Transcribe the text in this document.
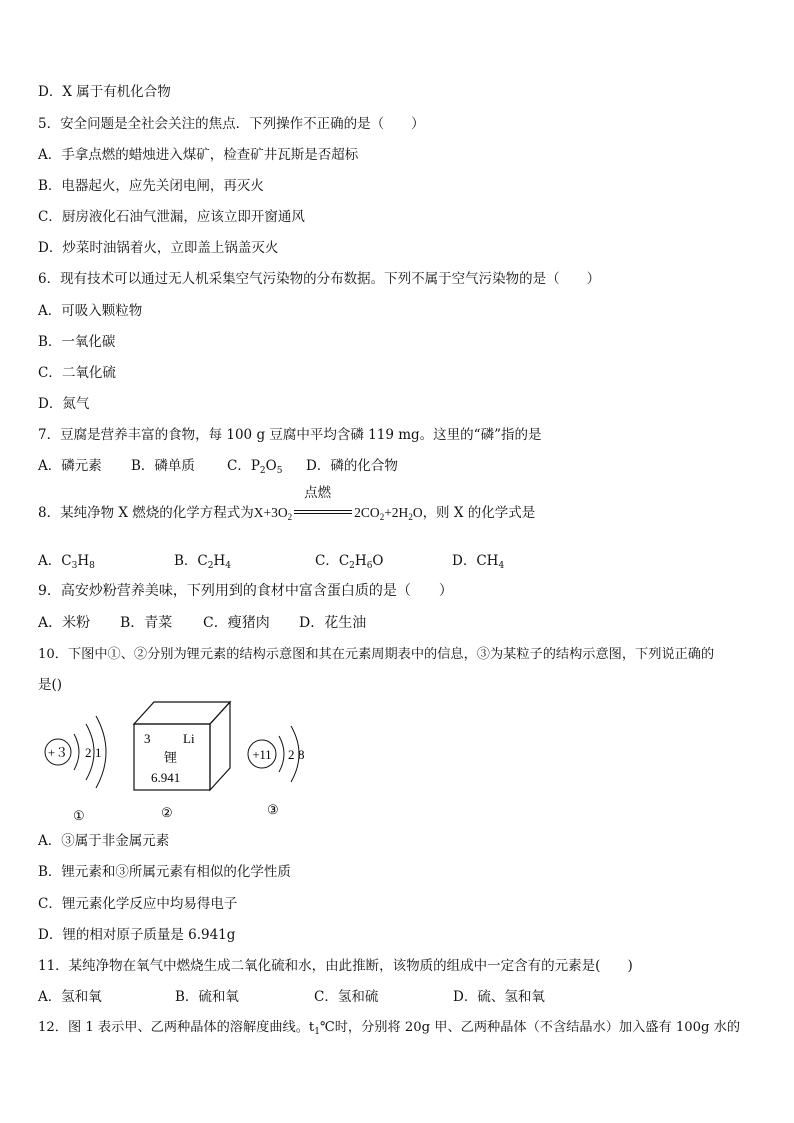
D．X 属于有机化合物
5．安全问题是全社会关注的焦点．下列操作不正确的是（　　）
A．手拿点燃的蜡烛进入煤矿，检查矿井瓦斯是否超标
B．电器起火，应先关闭电闸，再灭火
C．厨房液化石油气泄漏，应该立即开窗通风
D．炒菜时油锅着火，立即盖上锅盖灭火
6．现有技术可以通过无人机采集空气污染物的分布数据。下列不属于空气污染物的是（　　）
A．可吸入颗粒物
B．一氧化碳
C．二氧化硫
D．氮气
7．豆腐是营养丰富的食物，每 100 g 豆腐中平均含磷 119 mg。这里的“磷”指的是
A．磷元素 B．磷单质 C．$P_2O_5$ D．磷的化合物
8．某纯净物 X 燃烧的化学方程式为$X+3O_2$
点燃
$2CO_2+2H_2O$，则 X 的化学式是
A．$C_3H_8$	B．$C_2H_4$	C．$C_2H_6O$	D．$CH_4$
9．高安炒粉营养美味，下列用到的食材中富含蛋白质的是（　　）
A．米粉 B．青菜 C．瘦猪肉 D．花生油
10．下图中①、②分别为锂元素的结构示意图和其在元素周期表中的信息，③为某粒子的结构示意图，下列说正确的
是()
+３ 2 1
①
3	Li
锂
6.941
②
+11 2 8
③
A．③属于非金属元素
B．锂元素和③所属元素有相似的化学性质
C．锂元素化学反应中均易得电子
D．锂的相对原子质量是 6.941g
11．某纯净物在氧气中燃烧生成二氧化硫和水，由此推断，该物质的组成中一定含有的元素是(　　)
A．氢和氧	B．硫和氧	C．氢和硫	D．硫、氢和氧
12．图 1 表示甲、乙两种晶体的溶解度曲线。$t_1℃$时，分别将 20g 甲、乙两种晶体（不含结晶水）加入盛有 100g 水的
